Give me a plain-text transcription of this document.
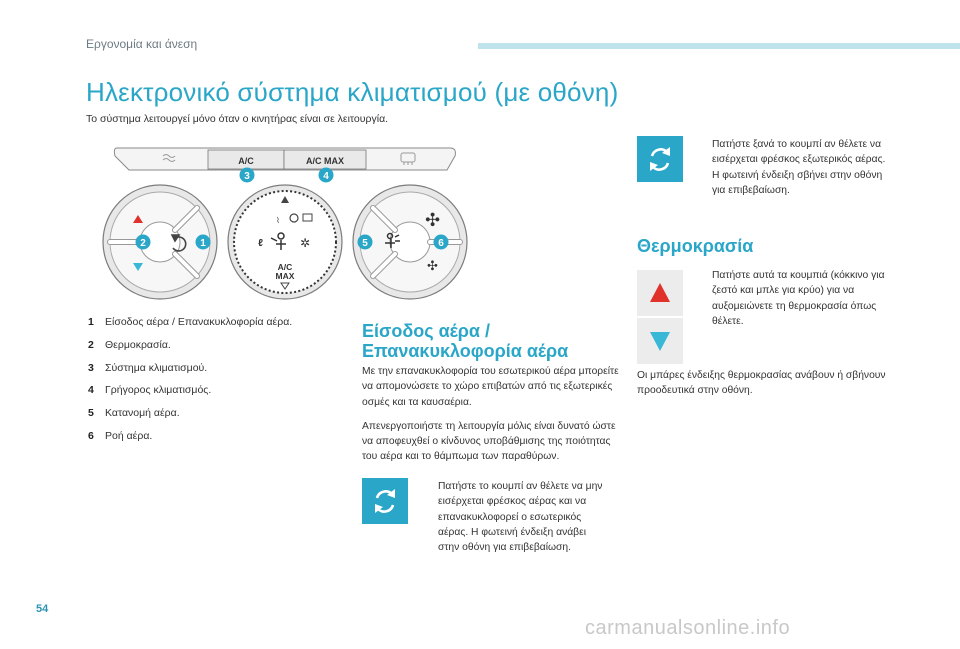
Εργονομία και άνεση
Ηλεκτρονικό σύστημα κλιματισμού (με οθόνη)
Το σύστημα λειτουργεί μόνο όταν ο κινητήρας είναι σε λειτουργία.
A/C	A/C MAX
3	4
2	1
⌇
ℓ	✲
A/C
MAX
✣
✣
5	6
1 Είσοδος αέρα / Επανακυκλοφορία αέρα.
2 Θερμοκρασία.
3 Σύστημα κλιματισμού.
4 Γρήγορος κλιματισμός.
5 Κατανομή αέρα.
6 Ροή αέρα.
Είσοδος αέρα /
Επανακυκλοφορία αέρα
Με την επανακυκλοφορία του εσωτερικού αέρα μπορείτε να απομονώσετε το χώρο επιβατών από τις εξωτερικές οσμές και τα καυσαέρια.
Απενεργοποιήστε τη λειτουργία μόλις είναι δυνατό ώστε να αποφευχθεί ο κίνδυνος υποβάθμισης της ποιότητας του αέρα και το θάμπωμα των παραθύρων.
Πατήστε το κουμπί αν θέλετε να μην εισέρχεται φρέσκος αέρας και να επανακυκλοφορεί ο εσωτερικός αέρας. Η φωτεινή ένδειξη ανάβει στην οθόνη για επιβεβαίωση.
Πατήστε ξανά το κουμπί αν θέλετε να εισέρχεται φρέσκος εξωτερικός αέρας. Η φωτεινή ένδειξη σβήνει στην οθόνη για επιβεβαίωση.
Θερμοκρασία
Πατήστε αυτά τα κουμπιά (κόκκινο για ζεστό και μπλε για κρύο) για να αυξομειώνετε τη θερμοκρασία όπως θέλετε.
Οι μπάρες ένδειξης θερμοκρασίας ανάβουν ή σβήνουν προοδευτικά στην οθόνη.
54
carmanualsonline.info
